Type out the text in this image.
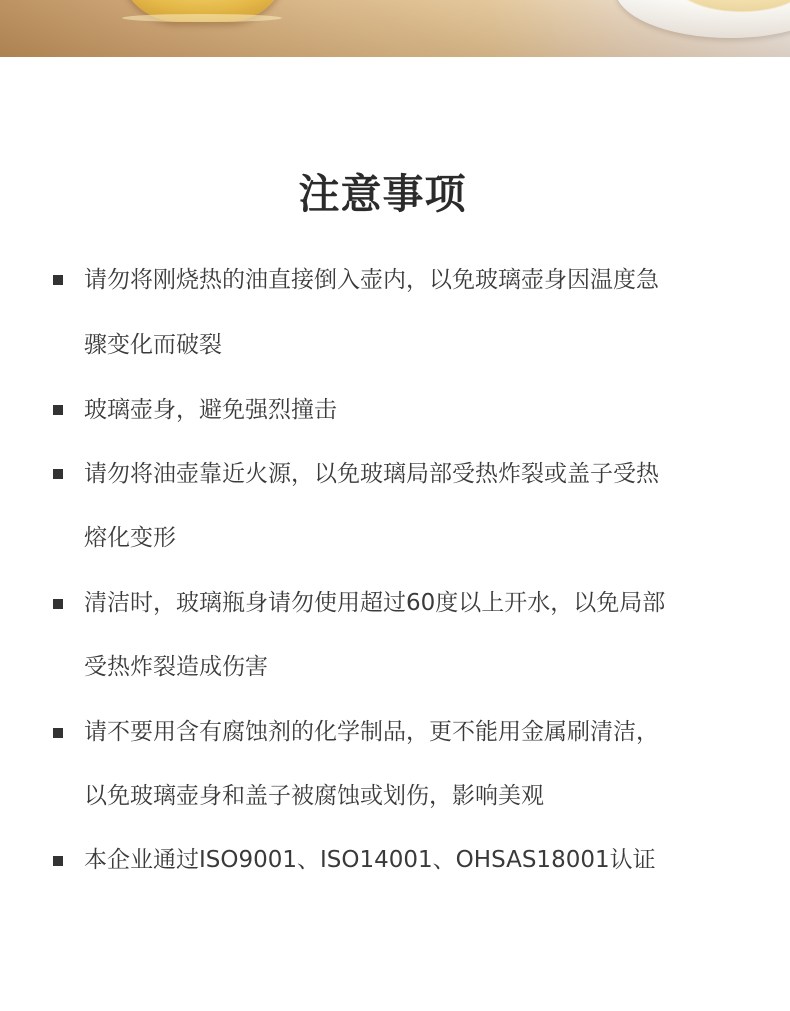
注意事项
请勿将刚烧热的油直接倒入壶内，以免玻璃壶身因温度急
骤变化而破裂
玻璃壶身，避免强烈撞击
请勿将油壶靠近火源，以免玻璃局部受热炸裂或盖子受热
熔化变形
清洁时，玻璃瓶身请勿使用超过60度以上开水，以免局部
受热炸裂造成伤害
请不要用含有腐蚀剂的化学制品，更不能用金属刷清洁，
以免玻璃壶身和盖子被腐蚀或划伤，影响美观
本企业通过ISO9001、ISO14001、OHSAS18001认证
